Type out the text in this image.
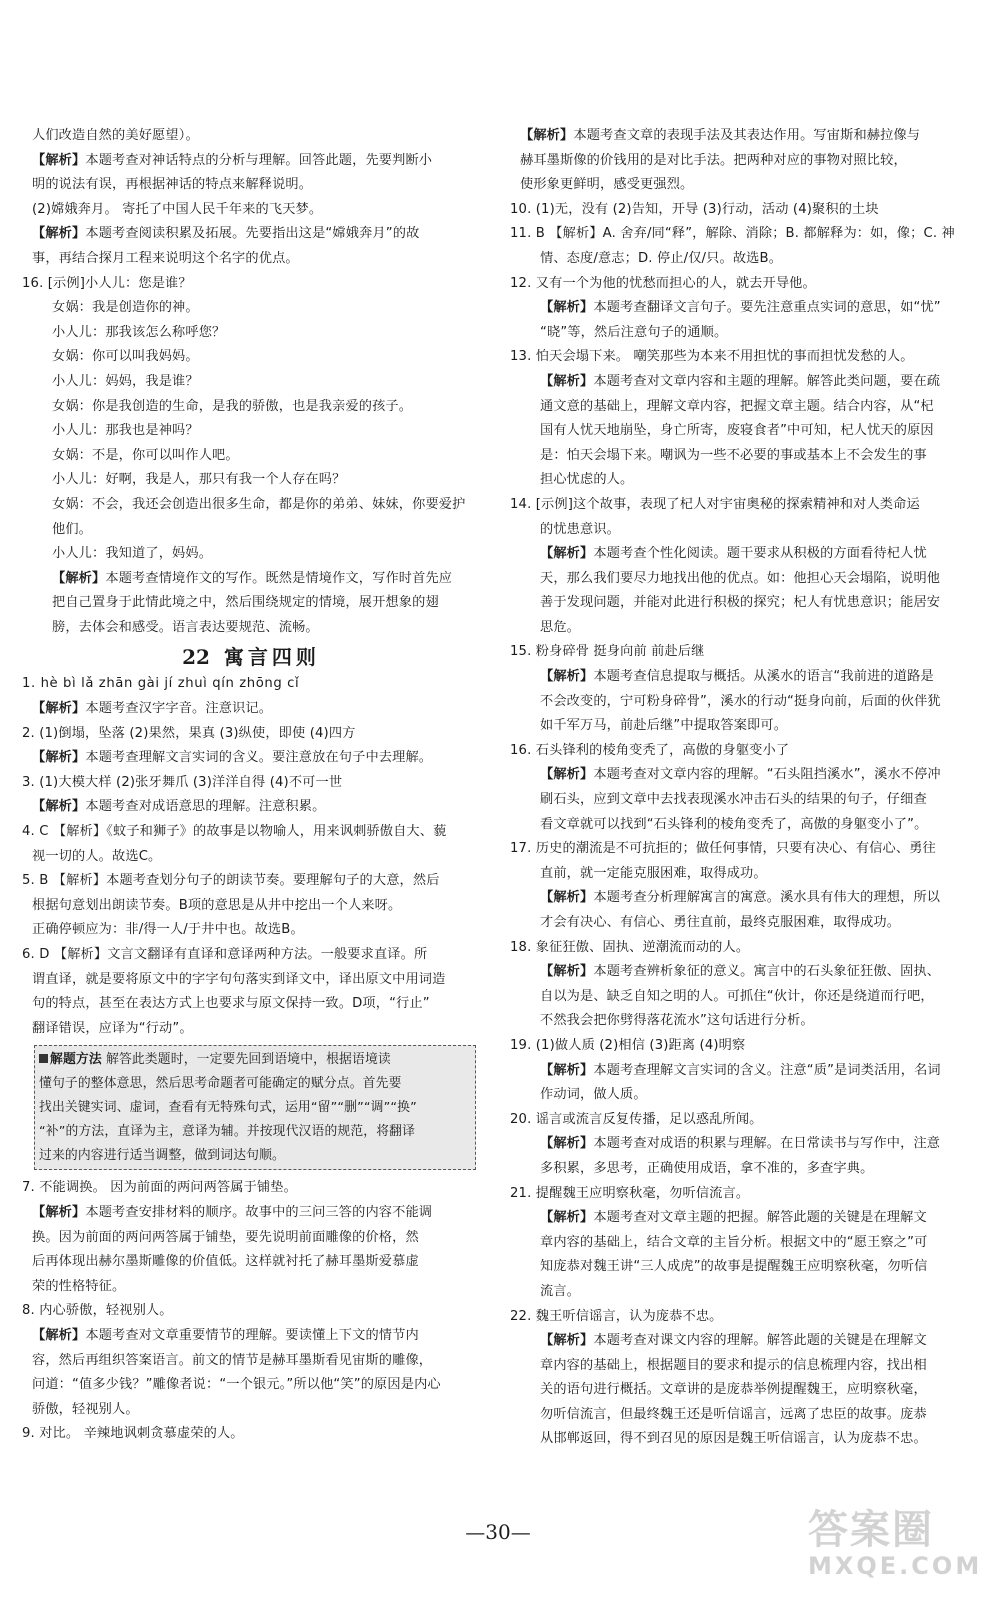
人们改造自然的美好愿望）。
【解析】本题考查对神话特点的分析与理解。回答此题，先要判断小
明的说法有误，再根据神话的特点来解释说明。
(2)嫦娥奔月。 寄托了中国人民千年来的飞天梦。
【解析】本题考查阅读积累及拓展。先要指出这是“嫦娥奔月”的故
事，再结合探月工程来说明这个名字的优点。
16. [示例]小人儿：您是谁？
女娲：我是创造你的神。
小人儿：那我该怎么称呼您？
女娲：你可以叫我妈妈。
小人儿：妈妈，我是谁？
女娲：你是我创造的生命，是我的骄傲，也是我亲爱的孩子。
小人儿：那我也是神吗？
女娲：不是，你可以叫作人吧。
小人儿：好啊，我是人，那只有我一个人存在吗？
女娲：不会，我还会创造出很多生命，都是你的弟弟、妹妹，你要爱护
他们。
小人儿：我知道了，妈妈。
【解析】本题考查情境作文的写作。既然是情境作文，写作时首先应
把自己置身于此情此境之中，然后围绕规定的情境，展开想象的翅
膀，去体会和感受。语言表达要规范、流畅。
22 寓言四则
1. hè bì lǎ zhān gài jí zhuì qín zhōng cǐ
【解析】本题考查汉字字音。注意识记。
2. (1)倒塌，坠落 (2)果然，果真 (3)纵使，即使 (4)四方
【解析】本题考查理解文言实词的含义。要注意放在句子中去理解。
3. (1)大模大样 (2)张牙舞爪 (3)洋洋自得 (4)不可一世
【解析】本题考查对成语意思的理解。注意积累。
4. C 【解析】《蚊子和狮子》的故事是以物喻人，用来讽刺骄傲自大、藐
视一切的人。故选C。
5. B 【解析】本题考查划分句子的朗读节奏。要理解句子的大意，然后
根据句意划出朗读节奏。B项的意思是从井中挖出一个人来呀。
正确停顿应为：非/得一人/于井中也。故选B。
6. D 【解析】文言文翻译有直译和意译两种方法。一般要求直译。所
谓直译，就是要将原文中的字字句句落实到译文中，译出原文中用词造
句的特点，甚至在表达方式上也要求与原文保持一致。D项，“行止”
翻译错误，应译为“行动”。
解题方法 解答此类题时，一定要先回到语境中，根据语境读
懂句子的整体意思，然后思考命题者可能确定的赋分点。首先要
找出关键实词、虚词，查看有无特殊句式，运用“留”“删”“调”“换”
“补”的方法，直译为主，意译为辅。并按现代汉语的规范，将翻译
过来的内容进行适当调整，做到词达句顺。
7. 不能调换。 因为前面的两问两答属于铺垫。
【解析】本题考查安排材料的顺序。故事中的三问三答的内容不能调
换。因为前面的两问两答属于铺垫，要先说明前面雕像的价格，然
后再体现出赫尔墨斯雕像的价值低。这样就衬托了赫耳墨斯爱慕虚
荣的性格特征。
8. 内心骄傲，轻视别人。
【解析】本题考查对文章重要情节的理解。要读懂上下文的情节内
容，然后再组织答案语言。前文的情节是赫耳墨斯看见宙斯的雕像，
问道：“值多少钱？”雕像者说：“一个银元。”所以他“笑”的原因是内心
骄傲，轻视别人。
9. 对比。 辛辣地讽刺贪慕虚荣的人。
【解析】本题考查文章的表现手法及其表达作用。写宙斯和赫拉像与
赫耳墨斯像的价钱用的是对比手法。把两种对应的事物对照比较，
使形象更鲜明，感受更强烈。
10. (1)无，没有 (2)告知，开导 (3)行动，活动 (4)聚积的土块
11. B 【解析】A. 舍弃/同“释”，解除、消除；B. 都解释为：如，像；C. 神
情、态度/意志；D. 停止/仅/只。故选B。
12. 又有一个为他的忧愁而担心的人，就去开导他。
【解析】本题考查翻译文言句子。要先注意重点实词的意思，如“忧”
“晓”等，然后注意句子的通顺。
13. 怕天会塌下来。 嘲笑那些为本来不用担忧的事而担忧发愁的人。
【解析】本题考查对文章内容和主题的理解。解答此类问题，要在疏
通文意的基础上，理解文章内容，把握文章主题。结合内容，从“杞
国有人忧天地崩坠，身亡所寄，废寝食者”中可知，杞人忧天的原因
是：怕天会塌下来。嘲讽为一些不必要的事或基本上不会发生的事
担心忧虑的人。
14. [示例]这个故事，表现了杞人对宇宙奥秘的探索精神和对人类命运
的忧患意识。
【解析】本题考查个性化阅读。题干要求从积极的方面看待杞人忧
天，那么我们要尽力地找出他的优点。如：他担心天会塌陷，说明他
善于发现问题，并能对此进行积极的探究；杞人有忧患意识；能居安
思危。
15. 粉身碎骨 挺身向前 前赴后继
【解析】本题考查信息提取与概括。从溪水的语言“我前进的道路是
不会改变的，宁可粉身碎骨”，溪水的行动“挺身向前，后面的伙伴犹
如千军万马，前赴后继”中提取答案即可。
16. 石头锋利的棱角变秃了，高傲的身躯变小了
【解析】本题考查对文章内容的理解。“石头阻挡溪水”，溪水不停冲
刷石头，应到文章中去找表现溪水冲击石头的结果的句子，仔细查
看文章就可以找到“石头锋利的棱角变秃了，高傲的身躯变小了”。
17. 历史的潮流是不可抗拒的；做任何事情，只要有决心、有信心、勇往
直前，就一定能克服困难，取得成功。
【解析】本题考查分析理解寓言的寓意。溪水具有伟大的理想，所以
才会有决心、有信心、勇往直前，最终克服困难，取得成功。
18. 象征狂傲、固执、逆潮流而动的人。
【解析】本题考查辨析象征的意义。寓言中的石头象征狂傲、固执、
自以为是、缺乏自知之明的人。可抓住“伙计，你还是绕道而行吧，
不然我会把你劈得落花流水”这句话进行分析。
19. (1)做人质 (2)相信 (3)距离 (4)明察
【解析】本题考查理解文言实词的含义。注意“质”是词类活用，名词
作动词，做人质。
20. 谣言或流言反复传播，足以惑乱所闻。
【解析】本题考查对成语的积累与理解。在日常读书与写作中，注意
多积累，多思考，正确使用成语，拿不准的，多查字典。
21. 提醒魏王应明察秋毫，勿听信流言。
【解析】本题考查对文章主题的把握。解答此题的关键是在理解文
章内容的基础上，结合文章的主旨分析。根据文中的“愿王察之”可
知庞恭对魏王讲“三人成虎”的故事是提醒魏王应明察秋毫，勿听信
流言。
22. 魏王听信谣言，认为庞恭不忠。
【解析】本题考查对课文内容的理解。解答此题的关键是在理解文
章内容的基础上，根据题目的要求和提示的信息梳理内容，找出相
关的语句进行概括。文章讲的是庞恭举例提醒魏王，应明察秋毫，
勿听信流言，但最终魏王还是听信谣言，远离了忠臣的故事。庞恭
从邯郸返回，得不到召见的原因是魏王听信谣言，认为庞恭不忠。
—30—	答案圈
MXQE.COM
